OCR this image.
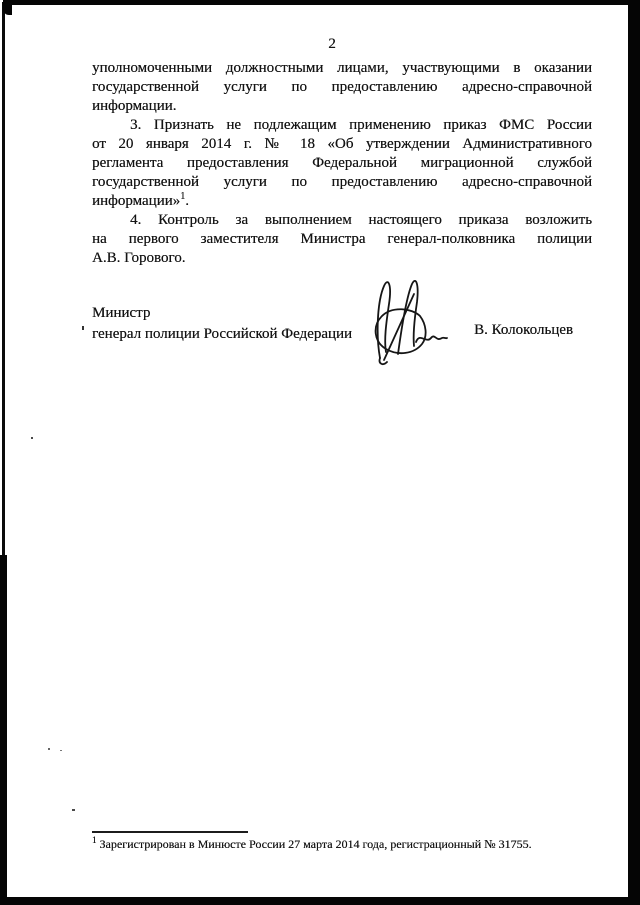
2
уполномоченными должностными лицами, участвующими в оказании
государственной услуги по предоставлению адресно-справочной
информации.
3. Признать не подлежащим применению приказ ФМС России
от 20 января 2014 г. № 18 «Об утверждении Административного
регламента предоставления Федеральной миграционной службой
государственной услуги по предоставлению адресно-справочной
информации»$^1$.
4. Контроль за выполнением настоящего приказа возложить
на первого заместителя Министра генерал-полковника полиции
А.В. Горового.
Министр
генерал полиции Российской Федерации	В. Колокольцев
$^1$ Зарегистрирован в Минюсте России 27 марта 2014 года, регистрационный № 31755.
